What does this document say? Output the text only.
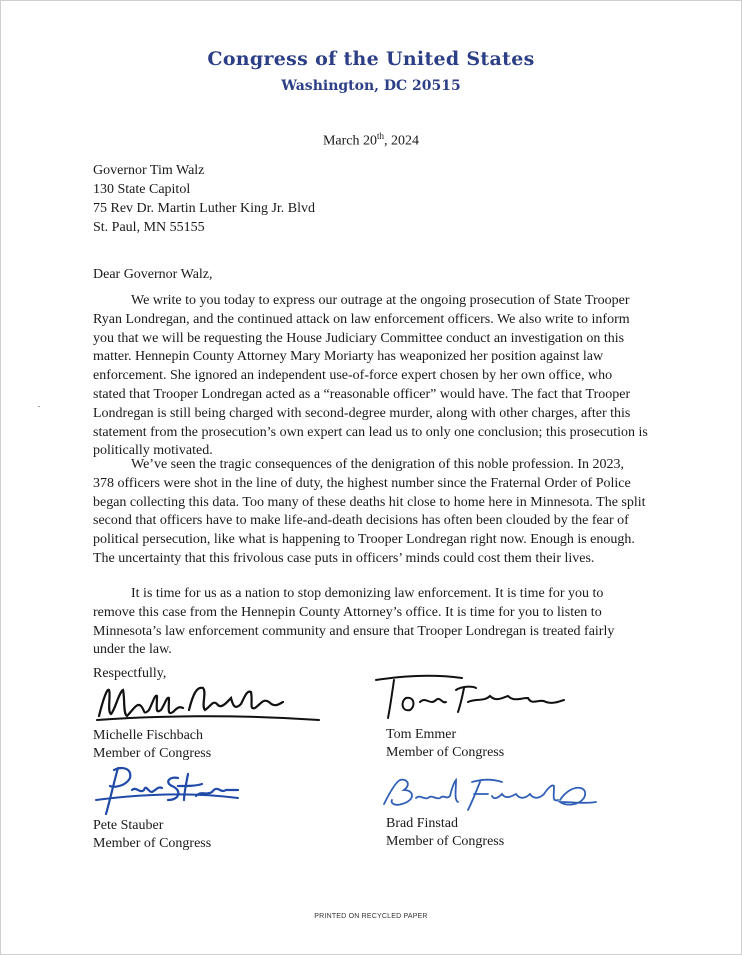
Congress of the United States
Washington, DC 20515
March 20th, 2024
Governor Tim Walz
130 State Capitol
75 Rev Dr. Martin Luther King Jr. Blvd
St. Paul, MN 55155
Dear Governor Walz,
We write to you today to express our outrage at the ongoing prosecution of State Trooper Ryan Londregan, and the continued attack on law enforcement officers. We also write to inform you that we will be requesting the House Judiciary Committee conduct an investigation on this matter. Hennepin County Attorney Mary Moriarty has weaponized her position against law enforcement. She ignored an independent use-of-force expert chosen by her own office, who stated that Trooper Londregan acted as a “reasonable officer” would have. The fact that Trooper Londregan is still being charged with second-degree murder, along with other charges, after this statement from the prosecution’s own expert can lead us to only one conclusion; this prosecution is politically motivated.
We’ve seen the tragic consequences of the denigration of this noble profession. In 2023, 378 officers were shot in the line of duty, the highest number since the Fraternal Order of Police began collecting this data. Too many of these deaths hit close to home here in Minnesota. The split second that officers have to make life-and-death decisions has often been clouded by the fear of political persecution, like what is happening to Trooper Londregan right now. Enough is enough. The uncertainty that this frivolous case puts in officers’ minds could cost them their lives.
It is time for us as a nation to stop demonizing law enforcement. It is time for you to remove this case from the Hennepin County Attorney’s office. It is time for you to listen to Minnesota’s law enforcement community and ensure that Trooper Londregan is treated fairly under the law.
Respectfully,
Michelle Fischbach
Member of Congress
Tom Emmer
Member of Congress
Pete Stauber
Member of Congress
Brad Finstad
Member of Congress
PRINTED ON RECYCLED PAPER
